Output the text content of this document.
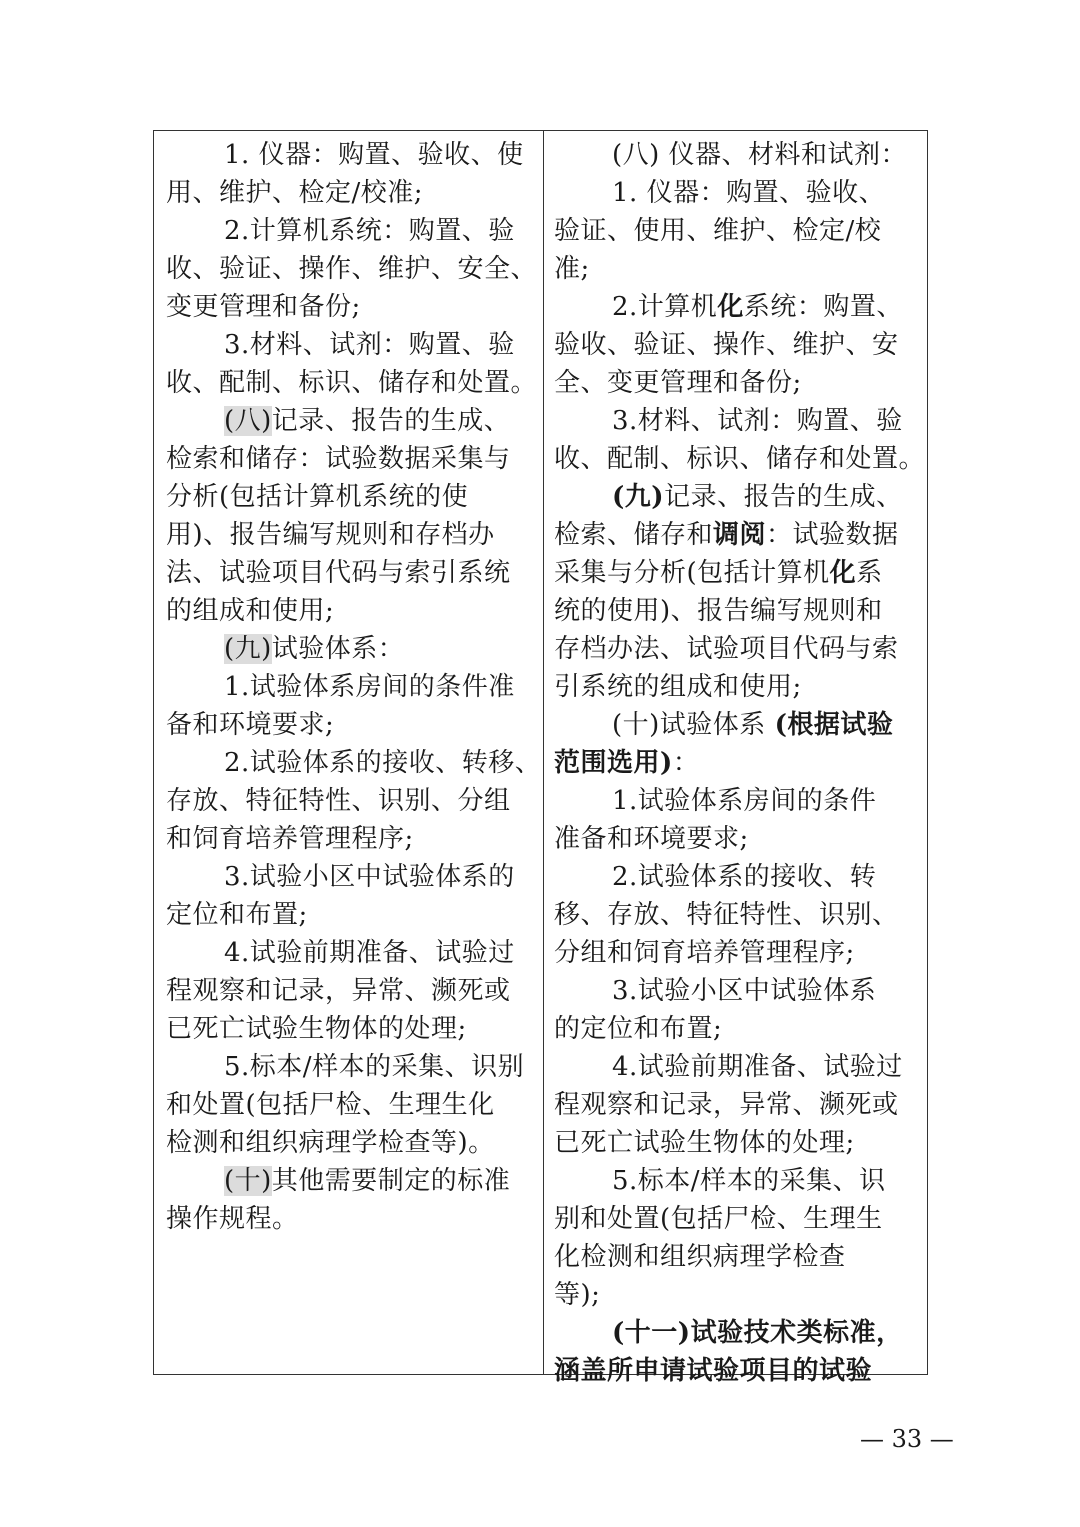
1. 仪器：购置、验收、使
用、维护、检定/校准;
2.计算机系统：购置、验
收、验证、操作、维护、安全、
变更管理和备份;
3.材料、试剂：购置、验
收、配制、标识、储存和处置。
(八)记录、报告的生成、
检索和储存：试验数据采集与
分析(包括计算机系统的使
用)、报告编写规则和存档办
法、试验项目代码与索引系统
的组成和使用;
(九)试验体系：
1.试验体系房间的条件准
备和环境要求;
2.试验体系的接收、转移、
存放、特征特性、识别、分组
和饲育培养管理程序;
3.试验小区中试验体系的
定位和布置;
4.试验前期准备、试验过
程观察和记录，异常、濒死或
已死亡试验生物体的处理;
5.标本/样本的采集、识别
和处置(包括尸检、生理生化
检测和组织病理学检查等)。
(十)其他需要制定的标准
操作规程。
(八) 仪器、材料和试剂：
1. 仪器：购置、验收、
验证、使用、维护、检定/校
准;
2.计算机化系统：购置、
验收、验证、操作、维护、安
全、变更管理和备份;
3.材料、试剂：购置、验
收、配制、标识、储存和处置。
(九)记录、报告的生成、
检索、储存和调阅：试验数据
采集与分析(包括计算机化系
统的使用)、报告编写规则和
存档办法、试验项目代码与索
引系统的组成和使用;
(十)试验体系 (根据试验
范围选用)：
1.试验体系房间的条件
准备和环境要求;
2.试验体系的接收、转
移、存放、特征特性、识别、
分组和饲育培养管理程序;
3.试验小区中试验体系
的定位和布置;
4.试验前期准备、试验过
程观察和记录，异常、濒死或
已死亡试验生物体的处理;
5.标本/样本的采集、识
别和处置(包括尸检、生理生
化检测和组织病理学检查
等);
(十一)试验技术类标准，
涵盖所申请试验项目的试验
— 33 —
